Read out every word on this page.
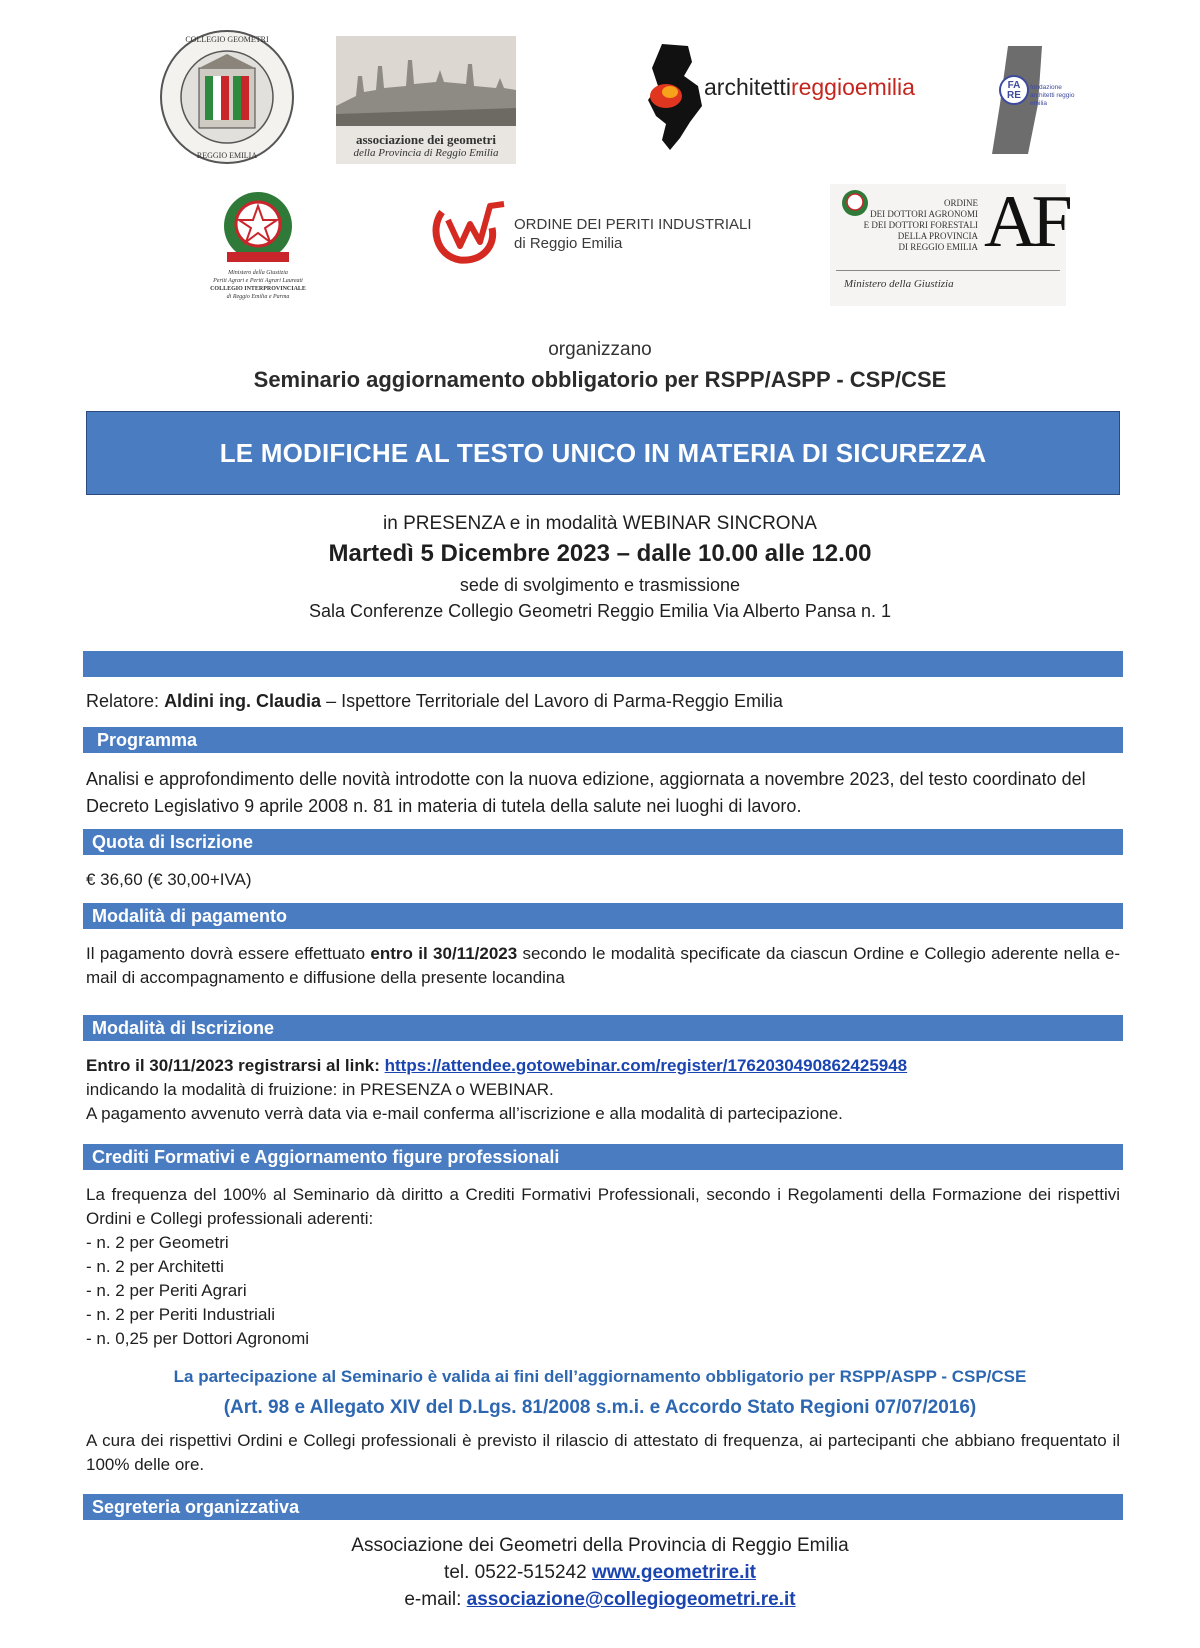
COLLEGIO GEOMETRI
REGGIO EMILIA
associazione dei geometri
della Provincia di Reggio Emilia
architettireggioemilia	FA
RE
fondazione architetti reggio emilia
Ministero della Giustizia
Periti Agrari e Periti Agrari Laureati
COLLEGIO INTERPROVINCIALE
di Reggio Emilia e Parma
ORDINE DEI PERITI INDUSTRIALI
di Reggio Emilia
ORDINE
DEI DOTTORI AGRONOMI
E DEI DOTTORI FORESTALI
DELLA PROVINCIA
DI REGGIO EMILIA AF
Ministero della Giustizia
organizzano
Seminario aggiornamento obbligatorio per RSPP/ASPP - CSP/CSE
LE MODIFICHE AL TESTO UNICO IN MATERIA DI SICUREZZA
in PRESENZA e in modalità WEBINAR SINCRONA
Martedì 5 Dicembre 2023 – dalle 10.00 alle 12.00
sede di svolgimento e trasmissione
Sala Conferenze Collegio Geometri Reggio Emilia Via Alberto Pansa n. 1
Relatore: Aldini ing. Claudia – Ispettore Territoriale del Lavoro di Parma-Reggio Emilia
Programma
Analisi e approfondimento delle novità introdotte con la nuova edizione, aggiornata a novembre 2023, del testo coordinato del Decreto Legislativo 9 aprile 2008 n. 81 in materia di tutela della salute nei luoghi di lavoro.
Quota di Iscrizione
€ 36,60 (€ 30,00+IVA)
Modalità di pagamento
Il pagamento dovrà essere effettuato entro il 30/11/2023 secondo le modalità specificate da ciascun Ordine e Collegio aderente nella e-mail di accompagnamento e diffusione della presente locandina
Modalità di Iscrizione
Entro il 30/11/2023 registrarsi al link: https://attendee.gotowebinar.com/register/1762030490862425948
indicando la modalità di fruizione: in PRESENZA o WEBINAR.
A pagamento avvenuto verrà data via e-mail conferma all’iscrizione e alla modalità di partecipazione.
Crediti Formativi e Aggiornamento figure professionali
La frequenza del 100% al Seminario dà diritto a Crediti Formativi Professionali, secondo i Regolamenti della Formazione dei rispettivi Ordini e Collegi professionali aderenti:
- n. 2 per Geometri
- n. 2 per Architetti
- n. 2 per Periti Agrari
- n. 2 per Periti Industriali
- n. 0,25 per Dottori Agronomi
La partecipazione al Seminario è valida ai fini dell’aggiornamento obbligatorio per RSPP/ASPP - CSP/CSE
(Art. 98 e Allegato XIV del D.Lgs. 81/2008 s.m.i. e Accordo Stato Regioni 07/07/2016)
A cura dei rispettivi Ordini e Collegi professionali è previsto il rilascio di attestato di frequenza, ai partecipanti che abbiano frequentato il 100% delle ore.
Segreteria organizzativa
Associazione dei Geometri della Provincia di Reggio Emilia
tel. 0522-515242 www.geometrire.it
e-mail: associazione@collegiogeometri.re.it
